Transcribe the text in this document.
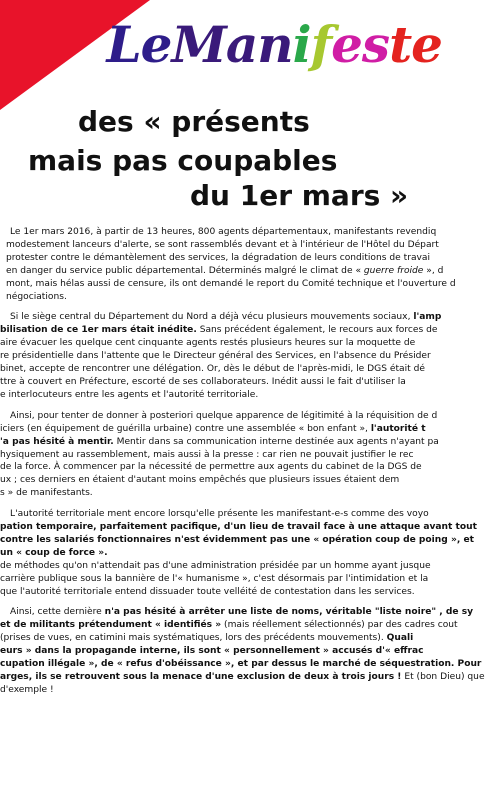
LeManifeste
des « présents
mais pas coupables
du 1er mars »

Le 1er mars 2016, à partir de 13 heures, 800 agents départementaux, manifestants revendiq
modestement lanceurs d'alerte, se sont rassemblés devant et à l'intérieur de l'Hôtel du Départ
protester contre le démantèlement des services, la dégradation de leurs conditions de travai
en danger du service public départemental. Déterminés malgré le climat de « guerre froide », d
mont, mais hélas aussi de censure, ils ont demandé le report du Comité technique et l'ouverture d
négociations.

Si le siège central du Département du Nord a déjà vécu plusieurs mouvements sociaux, l'amp
bilisation de ce 1er mars était inédite. Sans précédent également, le recours aux forces de
aire évacuer les quelque cent cinquante agents restés plusieurs heures sur la moquette de
re présidentielle dans l'attente que le Directeur général des Services, en l'absence du Présider
binet, accepte de rencontrer une délégation. Or, dès le début de l'après-midi, le DGS était dé
ttre à couvert en Préfecture, escorté de ses collaborateurs. Inédit aussi le fait d'utiliser la
e interlocuteurs entre les agents et l'autorité territoriale.

Ainsi, pour tenter de donner à posteriori quelque apparence de légitimité à la réquisition de d
iciers (en équipement de guérilla urbaine) contre une assemblée « bon enfant », l'autorité t
'a pas hésité à mentir. Mentir dans sa communication interne destinée aux agents n'ayant pa
hysiquement au rassemblement, mais aussi à la presse : car rien ne pouvait justifier le rec
de la force. À commencer par la nécessité de permettre aux agents du cabinet de la DGS de
ux ; ces derniers en étaient d'autant moins empêchés que plusieurs issues étaient dem
s » de manifestants.

L'autorité territoriale ment encore lorsqu'elle présente les manifestant-e-s comme des voyo
pation temporaire, parfaitement pacifique, d'un lieu de travail face à une attaque avant tout
contre les salariés fonctionnaires n'est évidemment pas une « opération coup de poing », et
un « coup de force ».
de méthodes qu'on n'attendait pas d'une administration présidée par un homme ayant jusque
carrière publique sous la bannière de l'« humanisme », c'est désormais par l'intimidation et la
que l'autorité territoriale entend dissuader toute velléité de contestation dans les services.

Ainsi, cette dernière n'a pas hésité à arrêter une liste de noms, véritable "liste noire" , de sy
et de militants prétendument « identifiés » (mais réellement sélectionnés) par des cadres cout
(prises de vues, en catimini mais systématiques, lors des précédents mouvements). Quali
eurs » dans la propagande interne, ils sont « personnellement » accusés d'« effrac
cupation illégale », de « refus d'obéissance », et par dessus le marché de séquestration. Pour
arges, ils se retrouvent sous la menace d'une exclusion de deux à trois jours ! Et (bon Dieu) que
d'exemple !
